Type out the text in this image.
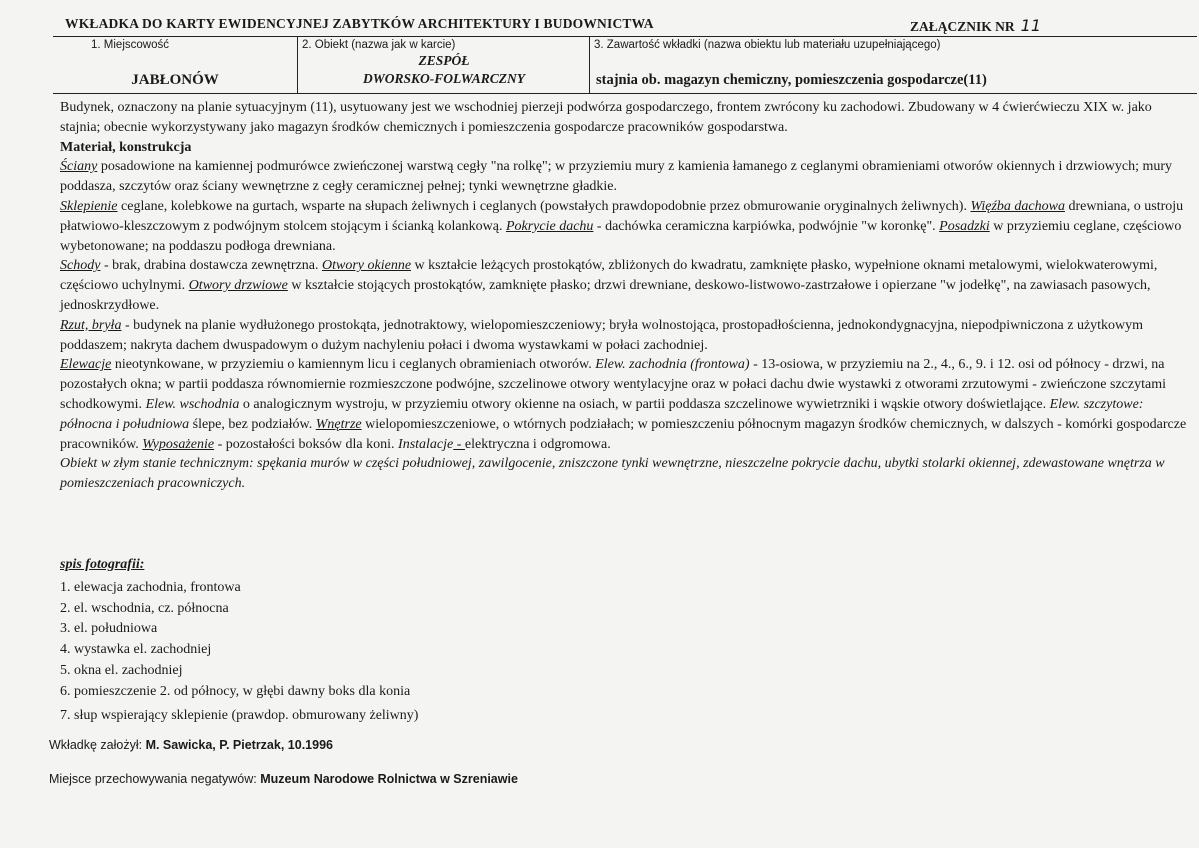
WKŁADKA DO KARTY EWIDENCYJNEJ ZABYTKÓW ARCHITEKTURY I BUDOWNICTWA	ZAŁĄCZNIK NR 11
1. Miejscowość
JABŁONÓW
2. Obiekt (nazwa jak w karcie)
ZESPÓŁ
DWORSKO-FOLWARCZNY
3. Zawartość wkładki (nazwa obiektu lub materiału uzupełniającego)
stajnia ob. magazyn chemiczny, pomieszczenia gospodarcze(11)

Budynek, oznaczony na planie sytuacyjnym (11), usytuowany jest we wschodniej pierzeji podwórza gospodarczego, frontem zwrócony ku zachodowi. Zbudowany w 4 ćwierćwieczu XIX w. jako stajnia; obecnie wykorzystywany jako magazyn środków chemicznych i pomieszczenia gospodarcze pracowników gospodarstwa.

Materiał, konstrukcja

Ściany posadowione na kamiennej podmurówce zwieńczonej warstwą cegły "na rolkę"; w przyziemiu mury z kamienia łamanego z ceglanymi obramieniami otworów okiennych i drzwiowych; mury poddasza, szczytów oraz ściany wewnętrzne z cegły ceramicznej pełnej; tynki wewnętrzne gładkie.

Sklepienie ceglane, kolebkowe na gurtach, wsparte na słupach żeliwnych i ceglanych (powstałych prawdopodobnie przez obmurowanie oryginalnych żeliwnych). Więźba dachowa drewniana, o ustroju płatwiowo-kleszczowym z podwójnym stolcem stojącym i ścianką kolankową. Pokrycie dachu - dachówka ceramiczna karpiówka, podwójnie "w koronkę". Posadzki w przyziemiu ceglane, częściowo wybetonowane; na poddaszu podłoga drewniana.

Schody - brak, drabina dostawcza zewnętrzna. Otwory okienne w kształcie leżących prostokątów, zbliżonych do kwadratu, zamknięte płasko, wypełnione oknami metalowymi, wielokwaterowymi, częściowo uchylnymi. Otwory drzwiowe w kształcie stojących prostokątów, zamknięte płasko; drzwi drewniane, deskowo-listwowo-zastrzałowe i opierzane "w jodełkę", na zawiasach pasowych, jednoskrzydłowe.

Rzut, bryła - budynek na planie wydłużonego prostokąta, jednotraktowy, wielopomieszczeniowy; bryła wolnostojąca, prostopadłościenna, jednokondygnacyjna, niepodpiwniczona z użytkowym poddaszem; nakryta dachem dwuspadowym o dużym nachyleniu połaci i dwoma wystawkami w połaci zachodniej.

Elewacje nieotynkowane, w przyziemiu o kamiennym licu i ceglanych obramieniach otworów. Elew. zachodnia (frontowa) - 13-osiowa, w przyziemiu na 2., 4., 6., 9. i 12. osi od północy - drzwi, na pozostałych okna; w partii poddasza równomiernie rozmieszczone podwójne, szczelinowe otwory wentylacyjne oraz w połaci dachu dwie wystawki z otworami zrzutowymi - zwieńczone szczytami schodkowymi. Elew. wschodnia o analogicznym wystroju, w przyziemiu otwory okienne na osiach, w partii poddasza szczelinowe wywietrzniki i wąskie otwory doświetlające. Elew. szczytowe: północna i południowa ślepe, bez podziałów. Wnętrze wielopomieszczeniowe, o wtórnych podziałach; w pomieszczeniu północnym magazyn środków chemicznych, w dalszych - komórki gospodarcze pracowników. Wyposażenie - pozostałości boksów dla koni. Instalacje - elektryczna i odgromowa.

Obiekt w złym stanie technicznym: spękania murów w części południowej, zawilgocenie, zniszczone tynki wewnętrzne, nieszczelne pokrycie dachu, ubytki stolarki okiennej, zdewastowane wnętrza w pomieszczeniach pracowniczych.

spis fotografii:
1. elewacja zachodnia, frontowa
2. el. wschodnia, cz. północna
3. el. południowa
4. wystawka el. zachodniej
5. okna el. zachodniej
6. pomieszczenie 2. od północy, w głębi dawny boks dla konia
7. słup wspierający sklepienie (prawdop. obmurowany żeliwny)
Wkładkę założył: M. Sawicka, P. Pietrzak, 10.1996
Miejsce przechowywania negatywów: Muzeum Narodowe Rolnictwa w Szreniawie
